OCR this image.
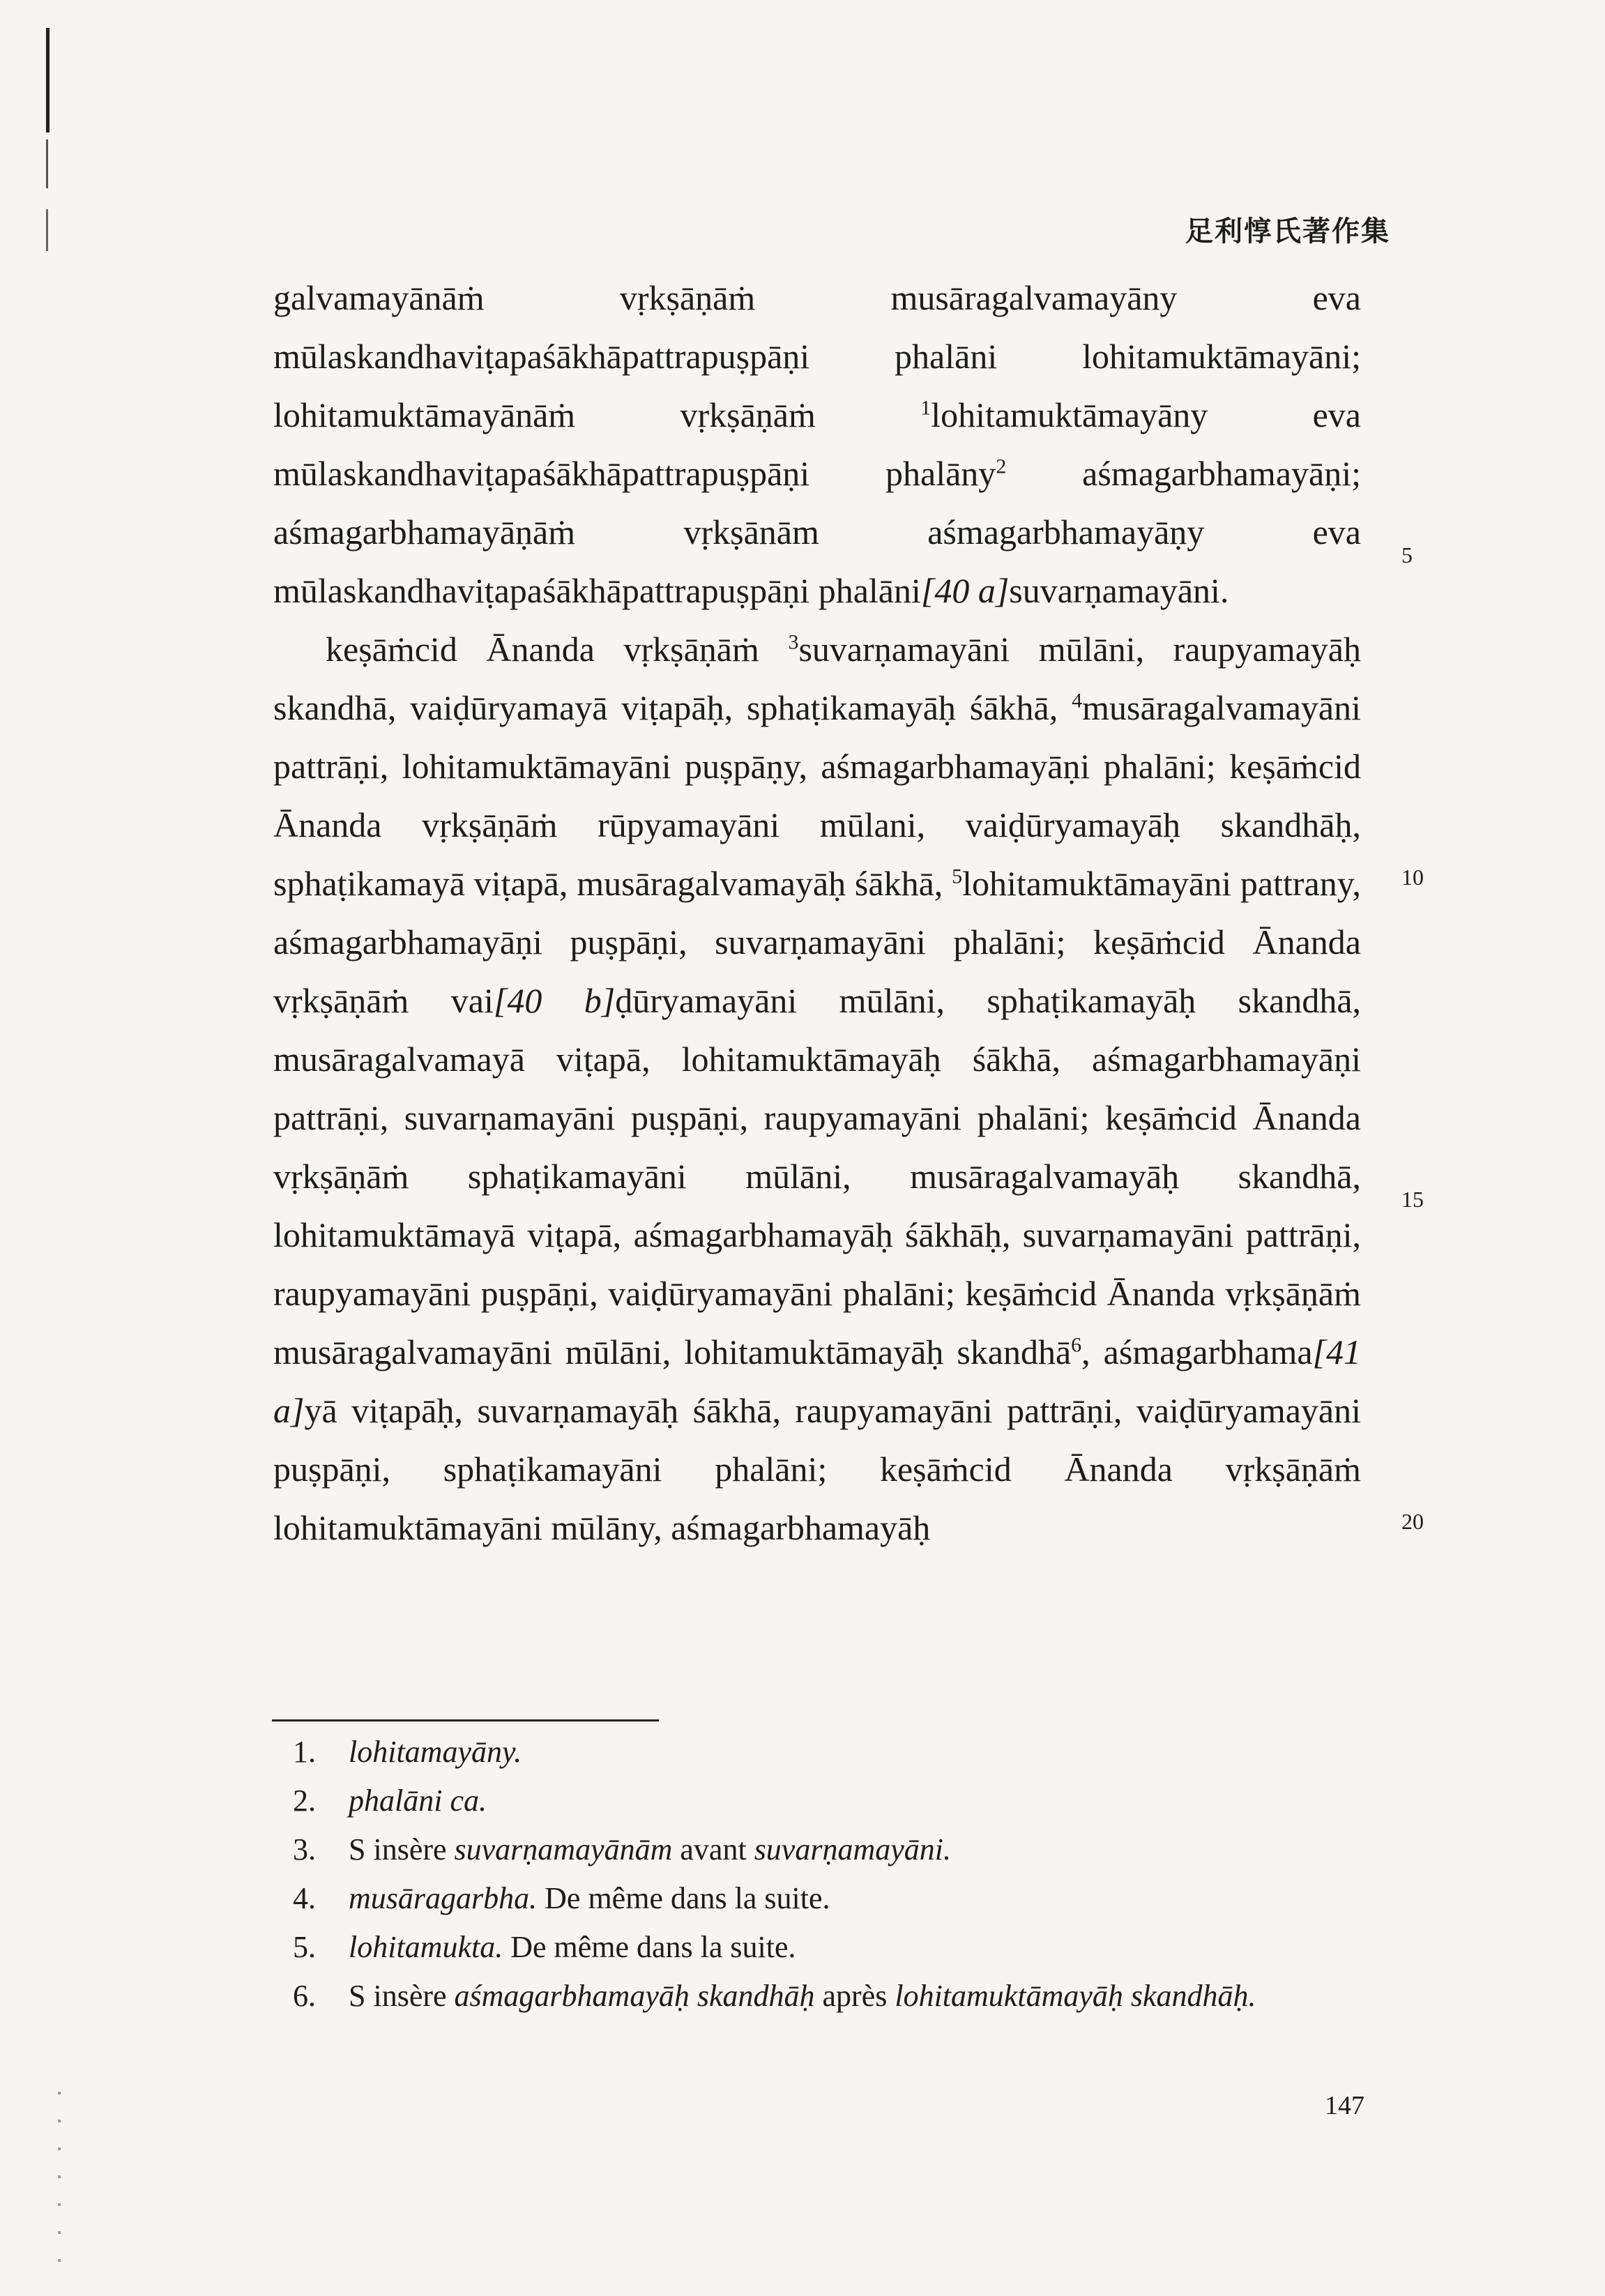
足利惇氏著作集

galvamayānāṁ vṛkṣāṇāṁ musāragalvamayāny eva mūlaskandhaviṭapaśākhāpattrapuṣpāṇi phalāni lohitamuktāmayāni; lohitamuktāmayānāṁ vṛkṣāṇāṁ $^1$lohitamuktāmayāny eva mūlaskandhaviṭapaśākhāpattrapuṣpāṇi phalāny$^2$ aśmagarbhamayāṇi; aśmagarbhamayāṇāṁ vṛkṣānām aśmagarbhamayāṇy eva mūlaskandhaviṭapaśākhāpattrapuṣpāṇi phalāni[40 a]suvarṇamayāni.

keṣāṁcid Ānanda vṛkṣāṇāṁ $^3$suvarṇamayāni mūlāni, raupyamayāḥ skandhā, vaiḍūryamayā viṭapāḥ, sphaṭikamayāḥ śākhā, $^4$musāragalvamayāni pattrāṇi, lohitamuktāmayāni puṣpāṇy, aśmagarbhamayāṇi phalāni; keṣāṁcid Ānanda vṛkṣāṇāṁ rūpyamayāni mūlani, vaiḍūryamayāḥ skandhāḥ, sphaṭikamayā viṭapā, musāragalvamayāḥ śākhā, $^5$lohitamuktāmayāni pattrany, aśmagarbhamayāṇi puṣpāṇi, suvarṇamayāni phalāni; keṣāṁcid Ānanda vṛkṣāṇāṁ vai[40 b]ḍūryamayāni mūlāni, sphaṭikamayāḥ skandhā, musāragalvamayā viṭapā, lohitamuktāmayāḥ śākhā, aśmagarbhamayāṇi pattrāṇi, suvarṇamayāni puṣpāṇi, raupyamayāni phalāni; keṣāṁcid Ānanda vṛkṣāṇāṁ sphaṭikamayāni mūlāni, musāragalvamayāḥ skandhā, lohitamuktāmayā viṭapā, aśmagarbhamayāḥ śākhāḥ, suvarṇamayāni pattrāṇi, raupyamayāni puṣpāṇi, vaiḍūryamayāni phalāni; keṣāṁcid Ānanda vṛkṣāṇāṁ musāragalvamayāni mūlāni, lohitamuktāmayāḥ skandhā$^6$, aśmagarbhama[41 a]yā viṭapāḥ, suvarṇamayāḥ śākhā, raupyamayāni pattrāṇi, vaiḍūryamayāni puṣpāṇi, sphaṭikamayāni phalāni; keṣāṁcid Ānanda vṛkṣāṇāṁ lohitamuktāmayāni mūlāny, aśmagarbhamayāḥ

5
10
15
20
1.	lohitamayāny.
2.	phalāni ca.
3.	S insère suvarṇamayānām avant suvarṇamayāni.
4.	musāragarbha. De même dans la suite.
5.	lohitamukta. De même dans la suite.
6.	S insère aśmagarbhamayāḥ skandhāḥ après lohitamuktāmayāḥ skandhāḥ.
147
